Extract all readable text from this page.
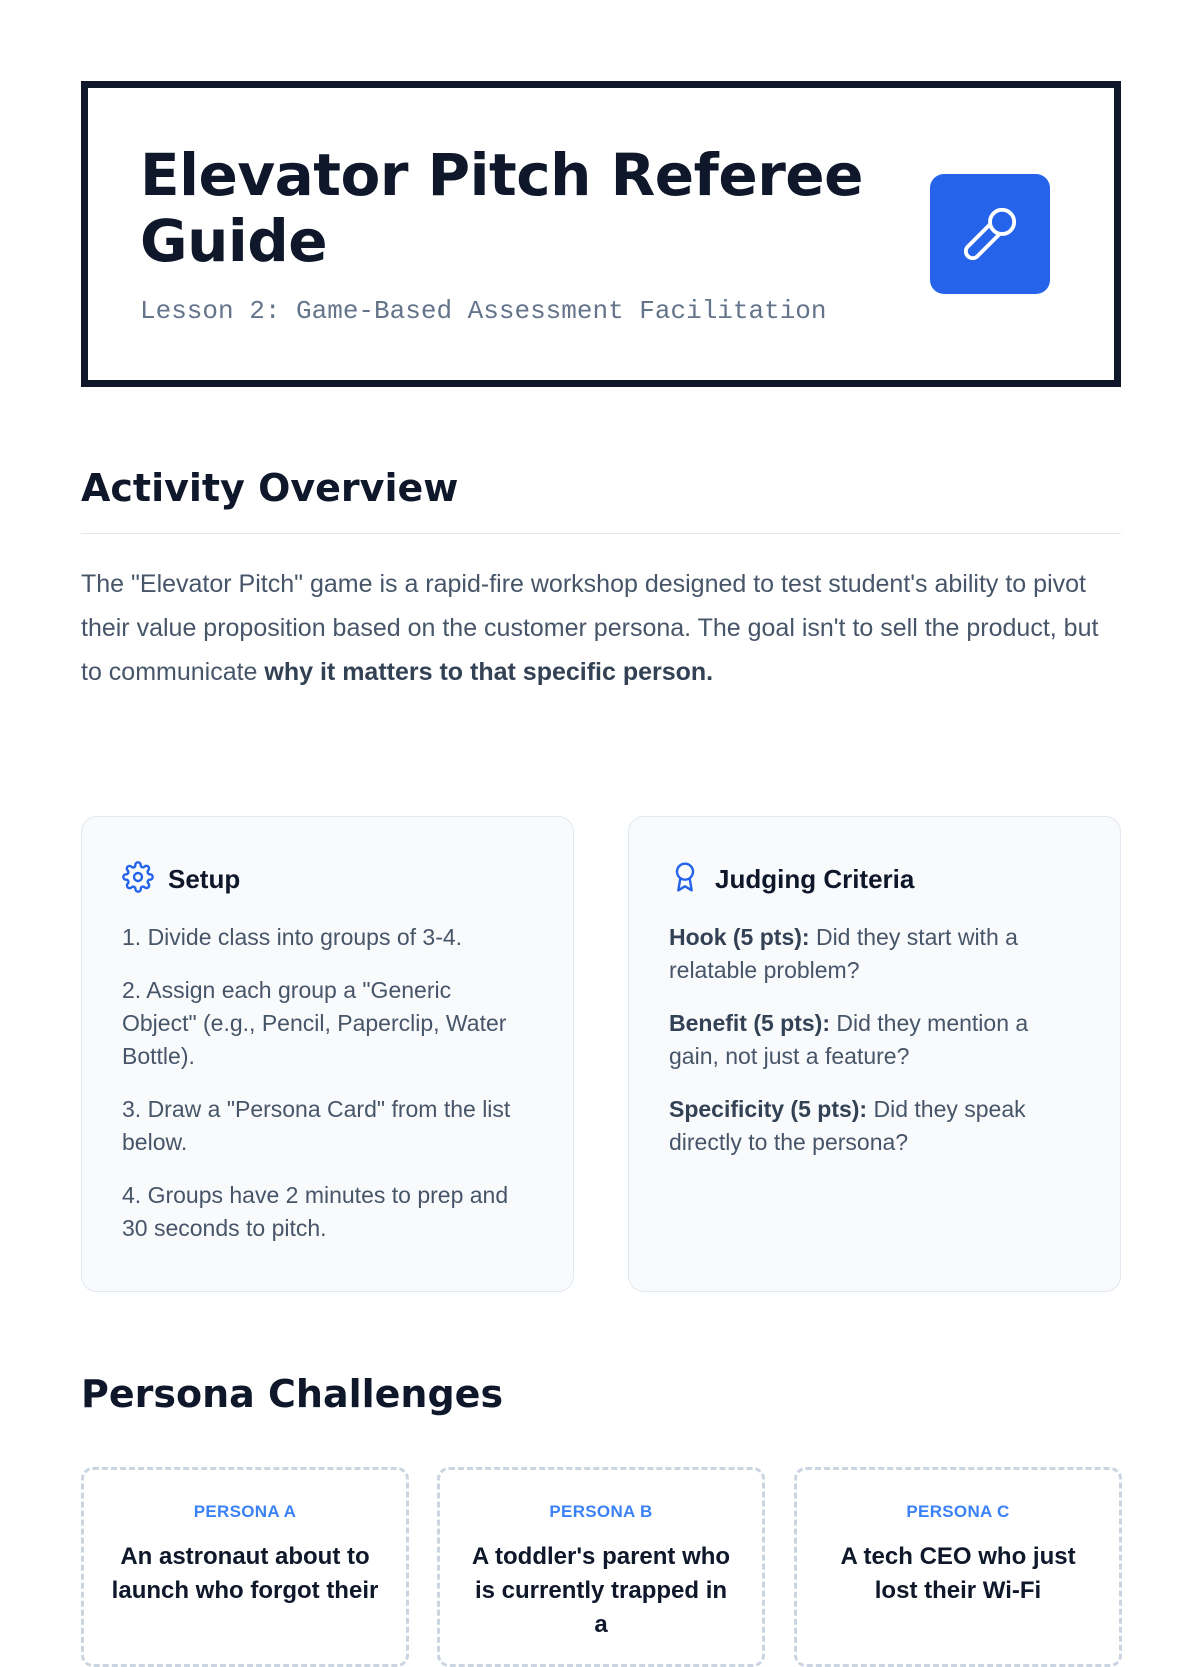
Elevator Pitch Referee Guide

Lesson 2: Game-Based Assessment Facilitation

Activity Overview

The "Elevator Pitch" game is a rapid-fire workshop designed to test student's ability to pivot their value proposition based on the customer persona. The goal isn't to sell the product, but to communicate why it matters to that specific person.

Setup
1. Divide class into groups of 3-4.
2. Assign each group a "Generic Object" (e.g., Pencil, Paperclip, Water Bottle).
3. Draw a "Persona Card" from the list below.
4. Groups have 2 minutes to prep and 30 seconds to pitch.
Judging Criteria
Hook (5 pts): Did they start with a relatable problem?
Benefit (5 pts): Did they mention a gain, not just a feature?
Specificity (5 pts): Did they speak directly to the persona?
Persona Challenges
PERSONA A
An astronaut about to launch who forgot their
PERSONA B
A toddler's parent who is currently trapped in a
PERSONA C
A tech CEO who just lost their Wi-Fi
